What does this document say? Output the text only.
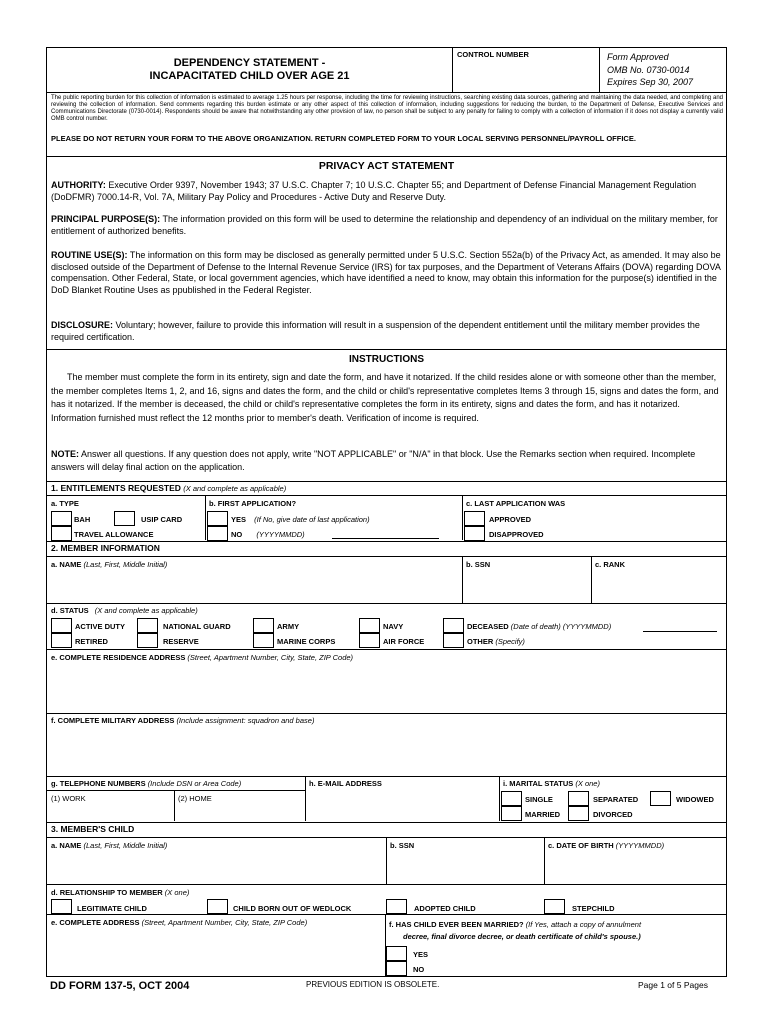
DEPENDENCY STATEMENT -
INCAPACITATED CHILD OVER AGE 21
CONTROL NUMBER	Form Approved
OMB No. 0730-0014
Expires Sep 30, 2007
The public reporting burden for this collection of information is estimated to average 1.25 hours per response, including the time for reviewing instructions, searching existing data sources, gathering and maintaining the data needed, and completing and reviewing the collection of information. Send comments regarding this burden estimate or any other aspect of this collection of information, including suggestions for reducing the burden, to the Department of Defense, Executive Services and Communications Directorate (0730-0014). Respondents should be aware that notwithstanding any other provision of law, no person shall be subject to any penalty for failing to comply with a collection of information if it does not display a currently valid OMB control number.
PLEASE DO NOT RETURN YOUR FORM TO THE ABOVE ORGANIZATION. RETURN COMPLETED FORM TO YOUR LOCAL SERVING PERSONNEL/PAYROLL OFFICE.
PRIVACY ACT STATEMENT
AUTHORITY: Executive Order 9397, November 1943; 37 U.S.C. Chapter 7; 10 U.S.C. Chapter 55; and Department of Defense Financial Management Regulation (DoDFMR) 7000.14-R, Vol. 7A, Military Pay Policy and Procedures - Active Duty and Reserve Duty.
PRINCIPAL PURPOSE(S): The information provided on this form will be used to determine the relationship and dependency of an individual on the military member, for entitlement of authorized benefits.
ROUTINE USE(S): The information on this form may be disclosed as generally permitted under 5 U.S.C. Section 552a(b) of the Privacy Act, as amended. It may also be disclosed outside of the Department of Defense to the Internal Revenue Service (IRS) for tax purposes, and the Department of Veterans Affairs (DOVA) regarding DOVA compensation. Other Federal, State, or local government agencies, which have identified a need to know, may obtain this information for the purpose(s) identified in the DoD Blanket Routine Uses as ppublished in the Federal Register.
DISCLOSURE: Voluntary; however, failure to provide this information will result in a suspension of the dependent entitlement until the military member provides the required certification.
INSTRUCTIONS
The member must complete the form in its entirety, sign and date the form, and have it notarized. If the child resides alone or with someone other than the member, the member completes Items 1, 2, and 16, signs and dates the form, and the child or child's representative completes Items 3 through 15, signs and dates the form, and has it notarized. If the member is deceased, the child or child's representative completes the form in its entirety, signs and dates the form, and has it notarized. Information furnished must reflect the 12 months prior to member's death. Verification of income is required.
NOTE: Answer all questions. If any question does not apply, write "NOT APPLICABLE" or "N/A" in that block. Use the Remarks section when required. Incomplete answers will delay final action on the application.
1. ENTITLEMENTS REQUESTED (X and complete as applicable)
a. TYPE
BAH	USIP CARD
TRAVEL ALLOWANCE
b. FIRST APPLICATION?
YES (If No, give date of last application)
NO (YYYYMMDD)
c. LAST APPLICATION WAS
APPROVED
DISAPPROVED
2. MEMBER INFORMATION
a. NAME (Last, First, Middle Initial)	b. SSN	c. RANK
d. STATUS (X and complete as applicable)
ACTIVE DUTY	NATIONAL GUARD	ARMY	NAVY	DECEASED (Date of death) (YYYYMMDD)
RETIRED	RESERVE	MARINE CORPS	AIR FORCE	OTHER (Specify)
e. COMPLETE RESIDENCE ADDRESS (Street, Apartment Number, City, State, ZIP Code)
f. COMPLETE MILITARY ADDRESS (Include assignment: squadron and base)
g. TELEPHONE NUMBERS (Include DSN or Area Code)
(1) WORK	(2) HOME
h. E-MAIL ADDRESS	i. MARITAL STATUS (X one)
SINGLE	SEPARATED	WIDOWED
MARRIED	DIVORCED
3. MEMBER'S CHILD
a. NAME (Last, First, Middle Initial)	b. SSN	c. DATE OF BIRTH (YYYYMMDD)
d. RELATIONSHIP TO MEMBER (X one)
LEGITIMATE CHILD	CHILD BORN OUT OF WEDLOCK	ADOPTED CHILD	STEPCHILD
e. COMPLETE ADDRESS (Street, Apartment Number, City, State, ZIP Code)	f. HAS CHILD EVER BEEN MARRIED? (If Yes, attach a copy of annulment
decree, final divorce decree, or death certificate of child's spouse.)
YES
NO
DD FORM 137-5, OCT 2004	PREVIOUS EDITION IS OBSOLETE.	Page 1 of 5 Pages
